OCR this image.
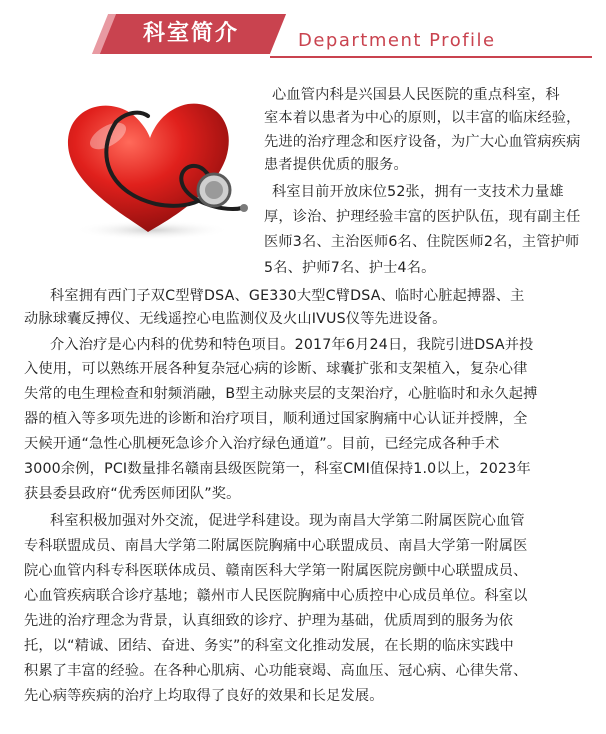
科室简介	Department Profile

心血管内科是兴国县人民医院的重点科室，科

室本着以患者为中心的原则，以丰富的临床经验，

先进的治疗理念和医疗设备，为广大心血管病疾病

患者提供优质的服务。

科室目前开放床位52张，拥有一支技术力量雄

厚，诊治、护理经验丰富的医护队伍，现有副主任

医师3名、主治医师6名、住院医师2名，主管护师

5名、护师7名、护士4名。

科室拥有西门子双C型臂DSA、GE330大型C臂DSA、临时心脏起搏器、主

动脉球囊反搏仪、无线遥控心电监测仪及火山IVUS仪等先进设备。

介入治疗是心内科的优势和特色项目。2017年6月24日，我院引进DSA并投

入使用，可以熟练开展各种复杂冠心病的诊断、球囊扩张和支架植入，复杂心律

失常的电生理检查和射频消融，B型主动脉夹层的支架治疗，心脏临时和永久起搏

器的植入等多项先进的诊断和治疗项目，顺利通过国家胸痛中心认证并授牌，全

天候开通“急性心肌梗死急诊介入治疗绿色通道”。目前，已经完成各种手术

3000余例，PCI数量排名赣南县级医院第一，科室CMI值保持1.0以上，2023年

获县委县政府“优秀医师团队”奖。

科室积极加强对外交流，促进学科建设。现为南昌大学第二附属医院心血管

专科联盟成员、南昌大学第二附属医院胸痛中心联盟成员、南昌大学第一附属医

院心血管内科专科医联体成员、赣南医科大学第一附属医院房颤中心联盟成员、

心血管疾病联合诊疗基地；赣州市人民医院胸痛中心质控中心成员单位。科室以

先进的治疗理念为背景，认真细致的诊疗、护理为基础，优质周到的服务为依

托，以“精诚、团结、奋进、务实”的科室文化推动发展，在长期的临床实践中

积累了丰富的经验。在各种心肌病、心功能衰竭、高血压、冠心病、心律失常、

先心病等疾病的治疗上均取得了良好的效果和长足发展。
